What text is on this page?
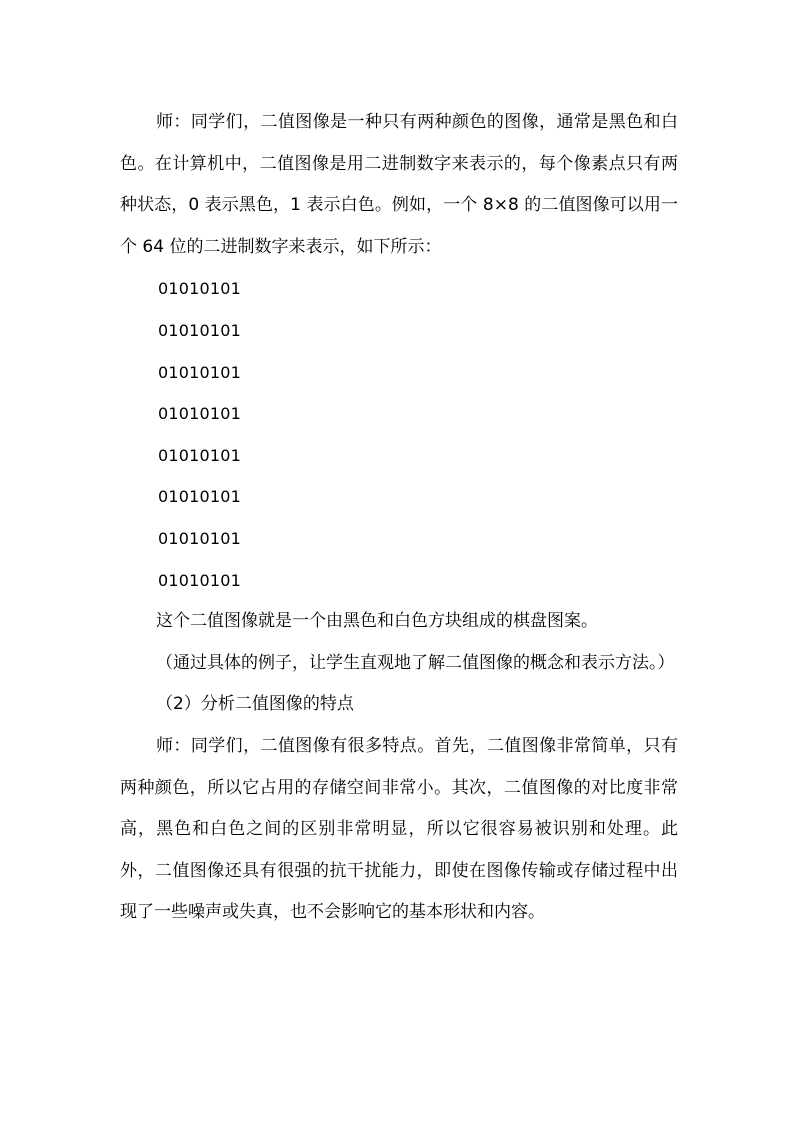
师：同学们，二值图像是一种只有两种颜色的图像，通常是黑色和白色。在计算机中，二值图像是用二进制数字来表示的，每个像素点只有两种状态，0 表示黑色，1 表示白色。例如，一个 8×8 的二值图像可以用一个 64 位的二进制数字来表示，如下所示：

01010101

01010101

01010101

01010101

01010101

01010101

01010101

01010101

这个二值图像就是一个由黑色和白色方块组成的棋盘图案。

（通过具体的例子，让学生直观地了解二值图像的概念和表示方法。）

（2）分析二值图像的特点

师：同学们，二值图像有很多特点。首先，二值图像非常简单，只有两种颜色，所以它占用的存储空间非常小。其次，二值图像的对比度非常高，黑色和白色之间的区别非常明显，所以它很容易被识别和处理。此外，二值图像还具有很强的抗干扰能力，即使在图像传输或存储过程中出现了一些噪声或失真，也不会影响它的基本形状和内容。
